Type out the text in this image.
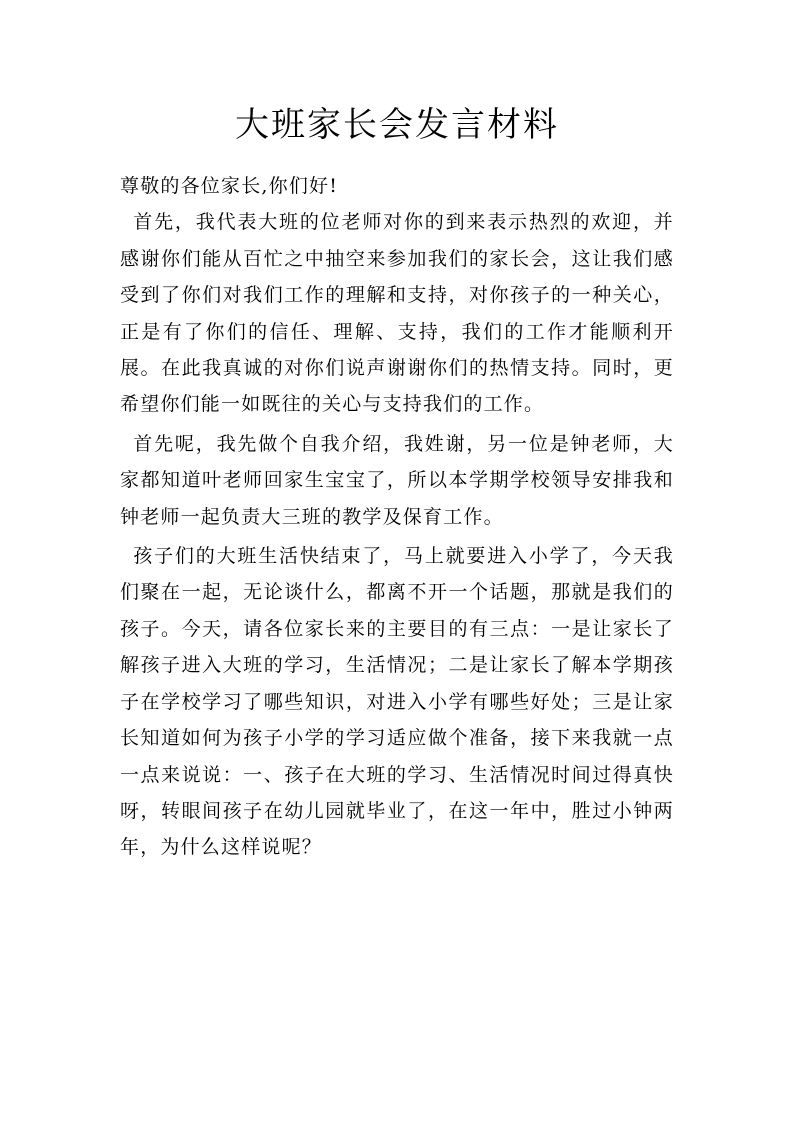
大班家长会发言材料

尊敬的各位家长,你们好!

首先，我代表大班的位老师对你的到来表示热烈的欢迎，并感谢你们能从百忙之中抽空来参加我们的家长会，这让我们感受到了你们对我们工作的理解和支持，对你孩子的一种关心，正是有了你们的信任、理解、支持，我们的工作才能顺利开展。在此我真诚的对你们说声谢谢你们的热情支持。同时，更希望你们能一如既往的关心与支持我们的工作。

首先呢，我先做个自我介绍，我姓谢，另一位是钟老师，大家都知道叶老师回家生宝宝了，所以本学期学校领导安排我和钟老师一起负责大三班的教学及保育工作。

孩子们的大班生活快结束了，马上就要进入小学了，今天我们聚在一起，无论谈什么，都离不开一个话题，那就是我们的孩子。今天，请各位家长来的主要目的有三点：一是让家长了解孩子进入大班的学习，生活情况；二是让家长了解本学期孩子在学校学习了哪些知识，对进入小学有哪些好处；三是让家长知道如何为孩子小学的学习适应做个准备，接下来我就一点一点来说说：一、孩子在大班的学习、生活情况时间过得真快呀，转眼间孩子在幼儿园就毕业了，在这一年中，胜过小钟两年，为什么这样说呢？
